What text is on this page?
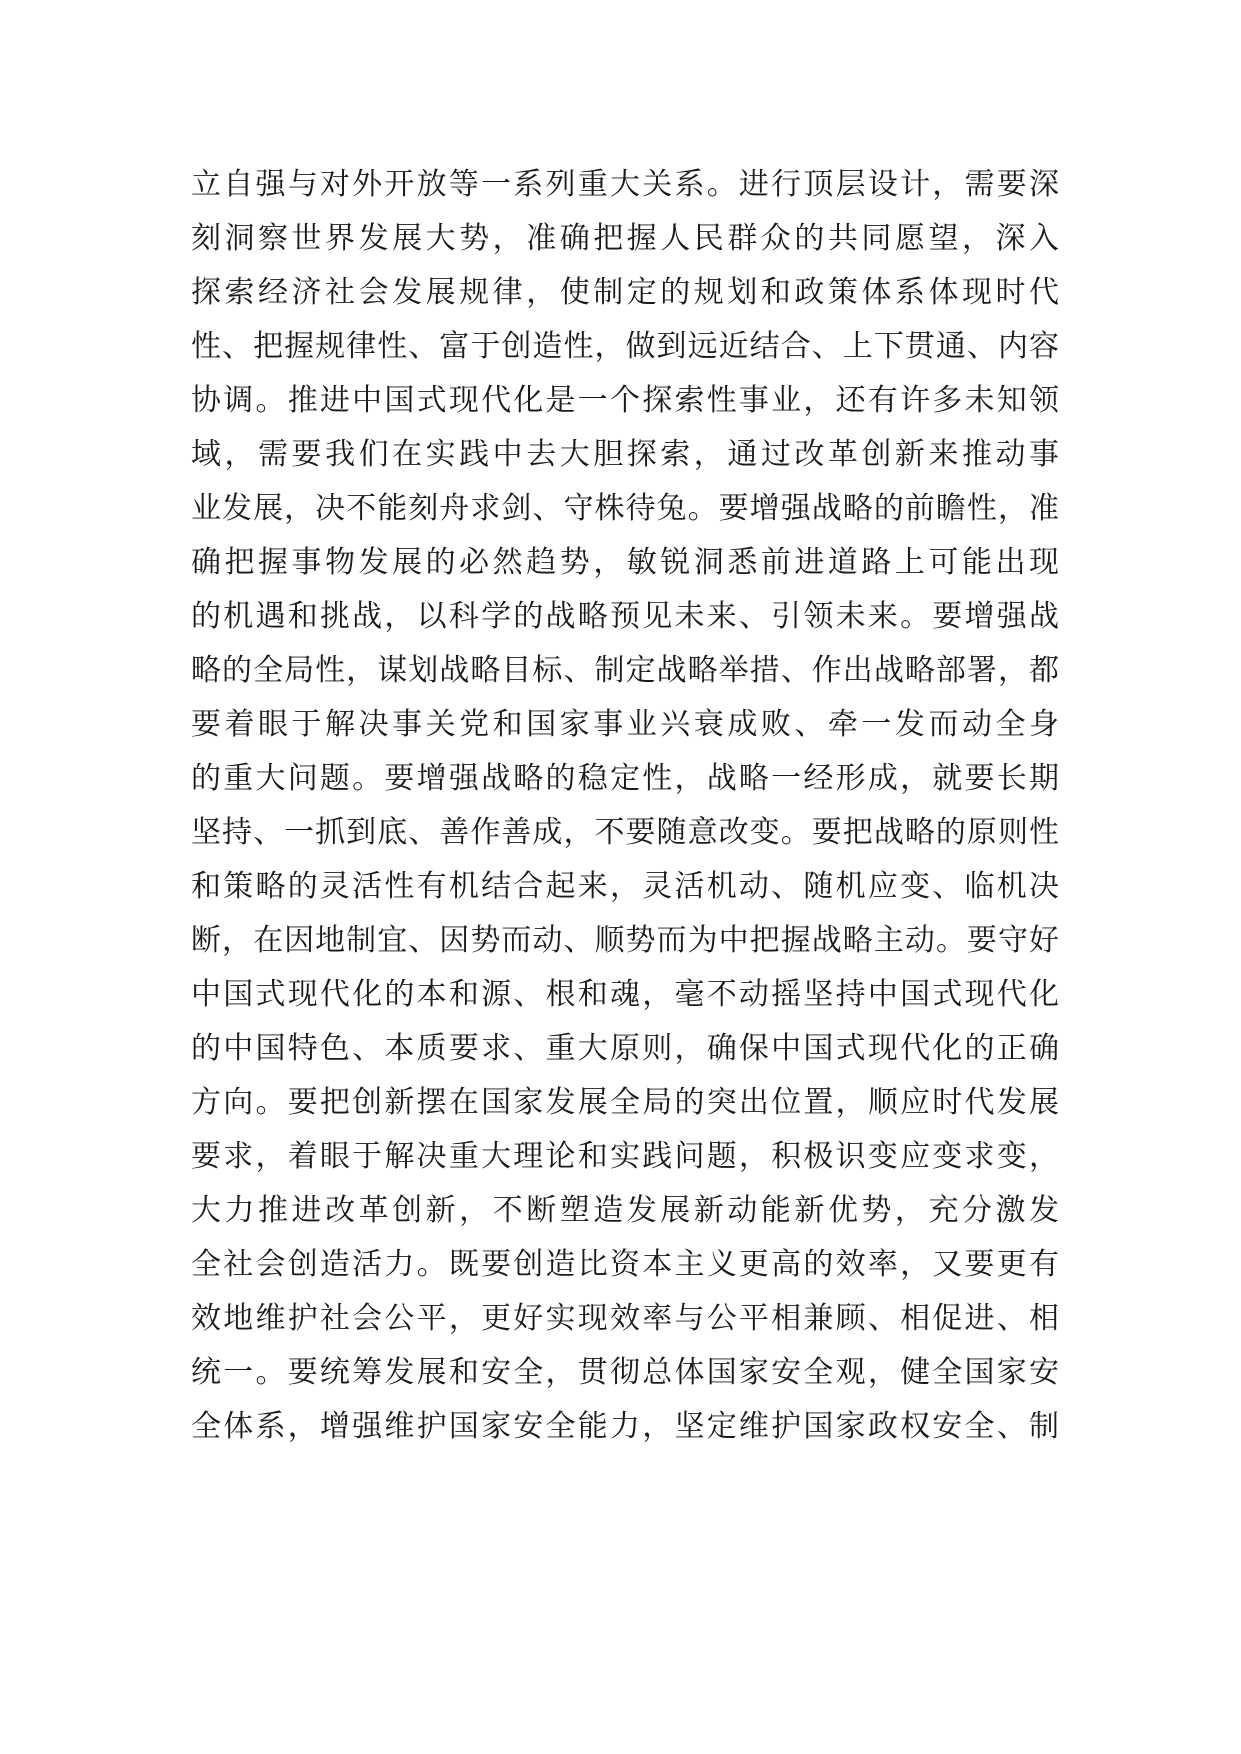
立自强与对外开放等一系列重大关系。进行顶层设计，需要深
刻洞察世界发展大势，准确把握人民群众的共同愿望，深入
探索经济社会发展规律，使制定的规划和政策体系体现时代
性、把握规律性、富于创造性，做到远近结合、上下贯通、内容
协调。推进中国式现代化是一个探索性事业，还有许多未知领
域，需要我们在实践中去大胆探索，通过改革创新来推动事
业发展，决不能刻舟求剑、守株待兔。要增强战略的前瞻性，准
确把握事物发展的必然趋势，敏锐洞悉前进道路上可能出现
的机遇和挑战，以科学的战略预见未来、引领未来。要增强战
略的全局性，谋划战略目标、制定战略举措、作出战略部署，都
要着眼于解决事关党和国家事业兴衰成败、牵一发而动全身
的重大问题。要增强战略的稳定性，战略一经形成，就要长期
坚持、一抓到底、善作善成，不要随意改变。要把战略的原则性
和策略的灵活性有机结合起来，灵活机动、随机应变、临机决
断，在因地制宜、因势而动、顺势而为中把握战略主动。要守好
中国式现代化的本和源、根和魂，毫不动摇坚持中国式现代化
的中国特色、本质要求、重大原则，确保中国式现代化的正确
方向。要把创新摆在国家发展全局的突出位置，顺应时代发展
要求，着眼于解决重大理论和实践问题，积极识变应变求变，
大力推进改革创新，不断塑造发展新动能新优势，充分激发
全社会创造活力。既要创造比资本主义更高的效率，又要更有
效地维护社会公平，更好实现效率与公平相兼顾、相促进、相
统一。要统筹发展和安全，贯彻总体国家安全观，健全国家安
全体系，增强维护国家安全能力，坚定维护国家政权安全、制
